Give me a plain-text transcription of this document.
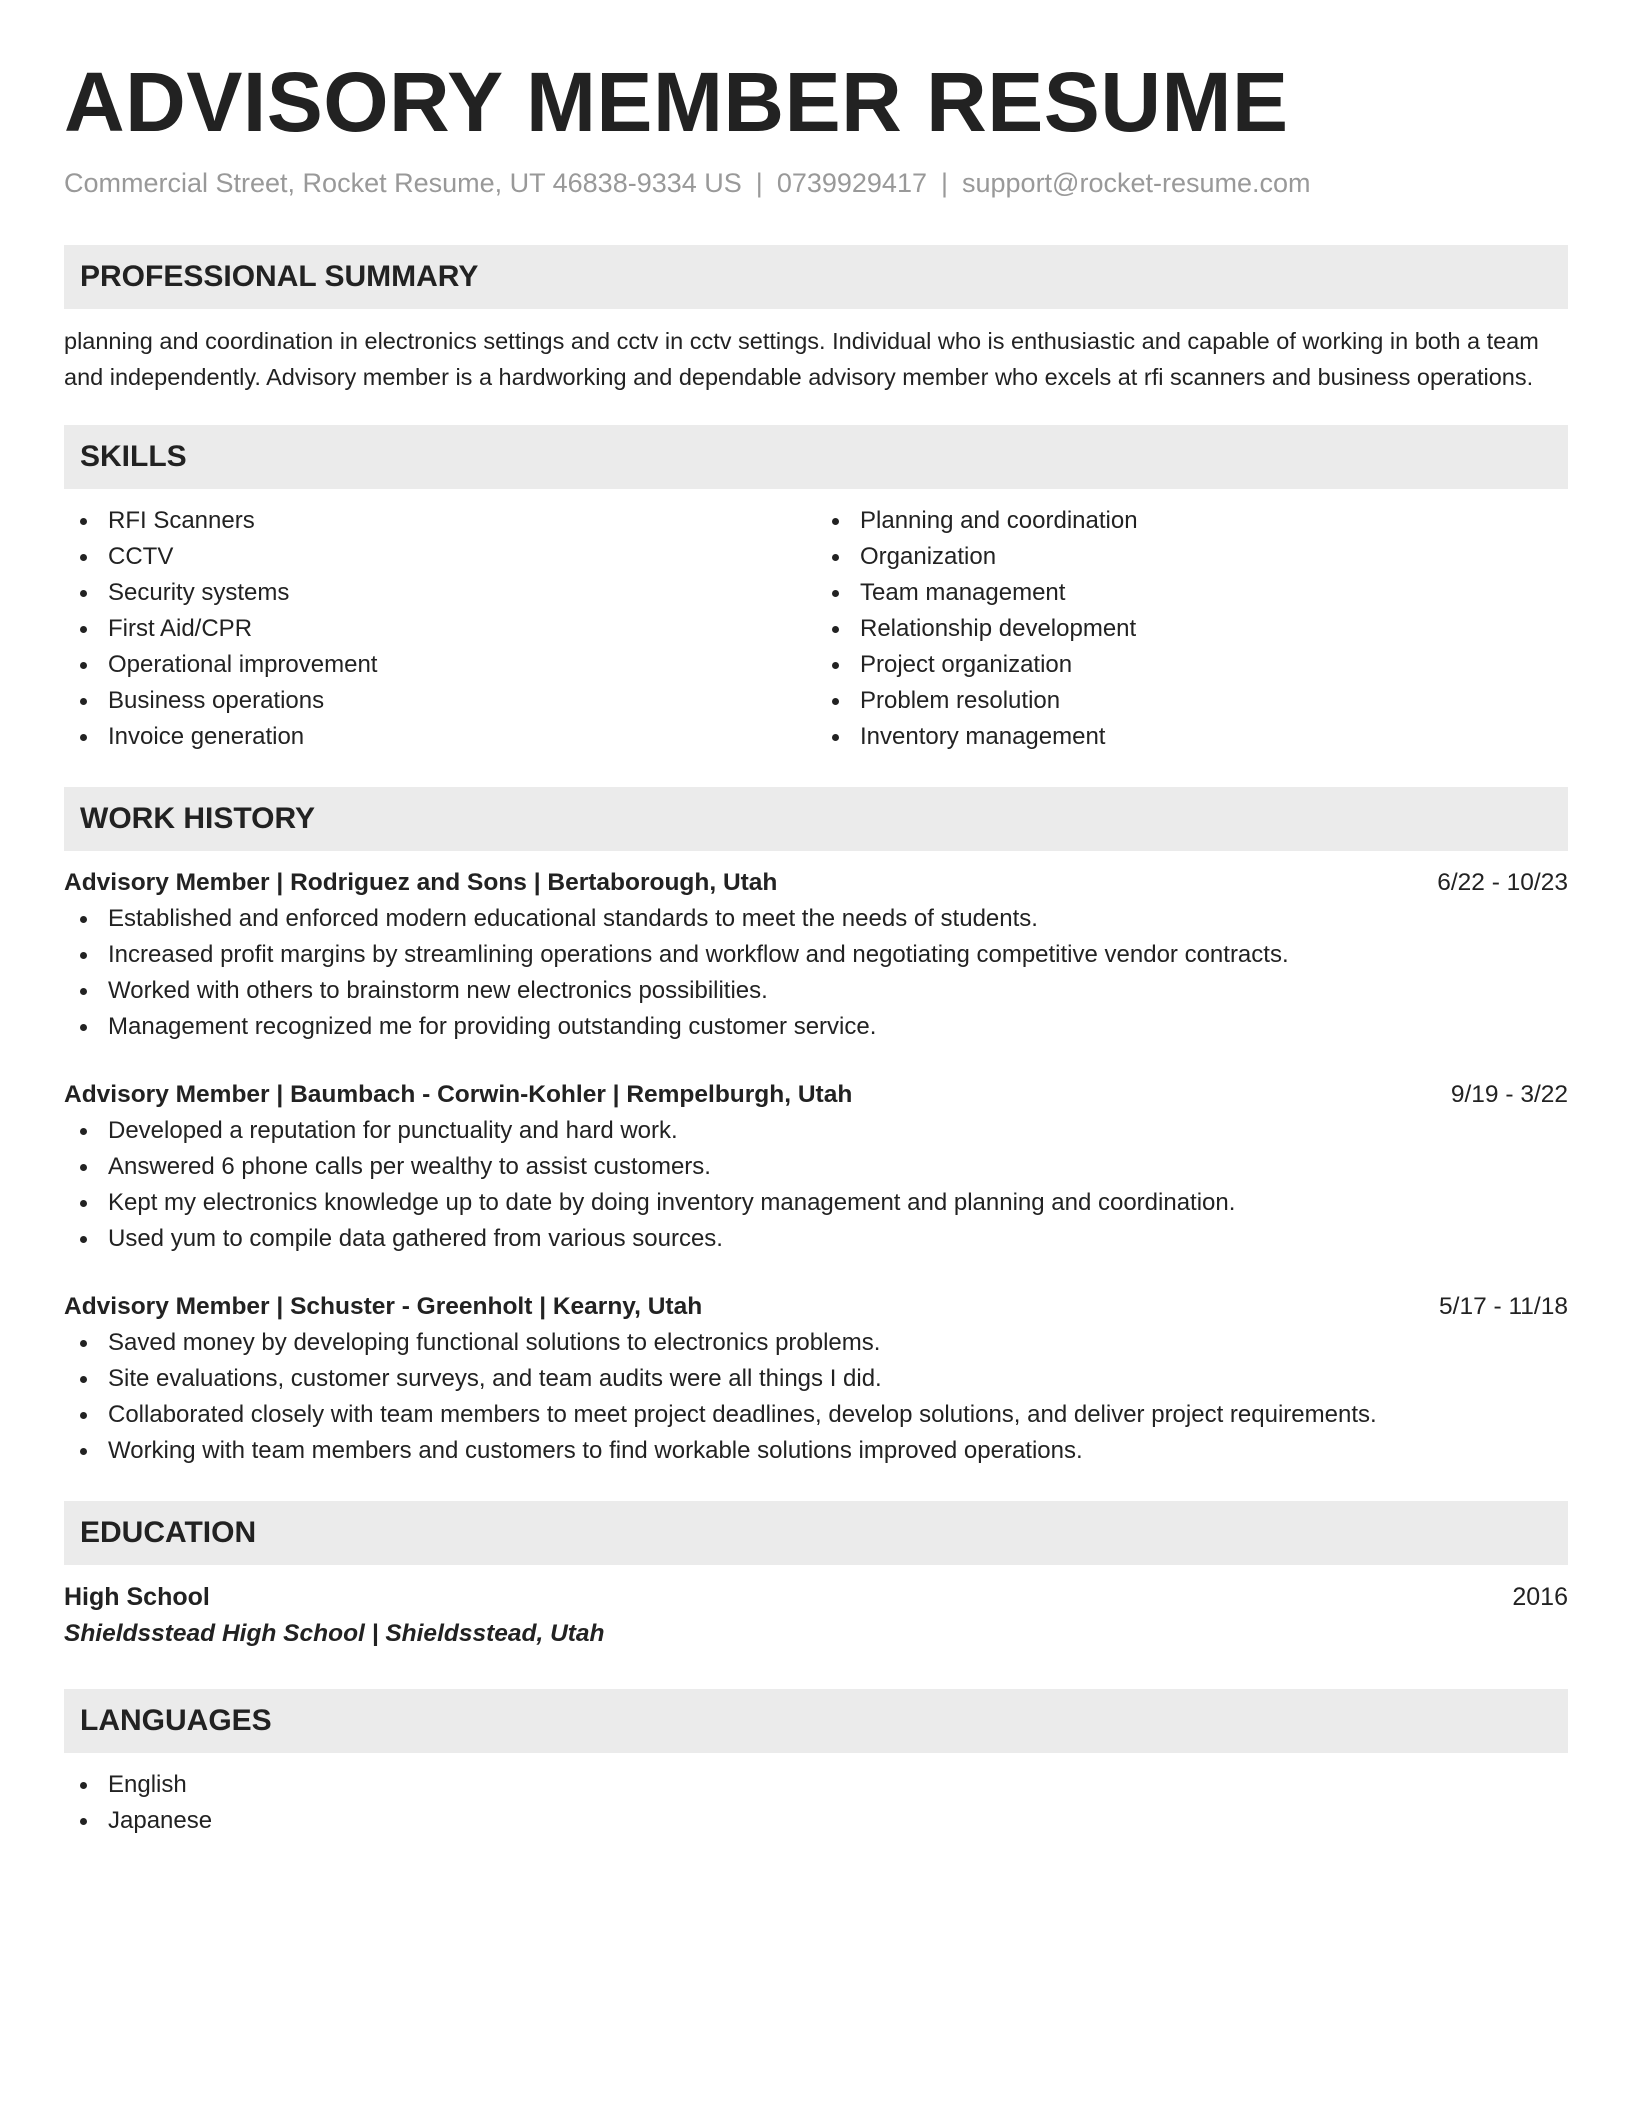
ADVISORY MEMBER RESUME
Commercial Street, Rocket Resume, UT 46838-9334 US | 0739929417 | support@rocket-resume.com
PROFESSIONAL SUMMARY

planning and coordination in electronics settings and cctv in cctv settings. Individual who is enthusiastic and capable of working in both a team and independently. Advisory member is a hardworking and dependable advisory member who excels at rfi scanners and business operations.

SKILLS
RFI Scanners
CCTV
Security systems
First Aid/CPR
Operational improvement
Business operations
Invoice generation
Planning and coordination
Organization
Team management
Relationship development
Project organization
Problem resolution
Inventory management
WORK HISTORY
Advisory Member | Rodriguez and Sons | Bertaborough, Utah	6/22 - 10/23
Established and enforced modern educational standards to meet the needs of students.
Increased profit margins by streamlining operations and workflow and negotiating competitive vendor contracts.
Worked with others to brainstorm new electronics possibilities.
Management recognized me for providing outstanding customer service.
Advisory Member | Baumbach - Corwin-Kohler | Rempelburgh, Utah	9/19 - 3/22
Developed a reputation for punctuality and hard work.
Answered 6 phone calls per wealthy to assist customers.
Kept my electronics knowledge up to date by doing inventory management and planning and coordination.
Used yum to compile data gathered from various sources.
Advisory Member | Schuster - Greenholt | Kearny, Utah	5/17 - 11/18
Saved money by developing functional solutions to electronics problems.
Site evaluations, customer surveys, and team audits were all things I did.
Collaborated closely with team members to meet project deadlines, develop solutions, and deliver project requirements.
Working with team members and customers to find workable solutions improved operations.
EDUCATION
High School	2016
Shieldsstead High School | Shieldsstead, Utah
LANGUAGES
English
Japanese
